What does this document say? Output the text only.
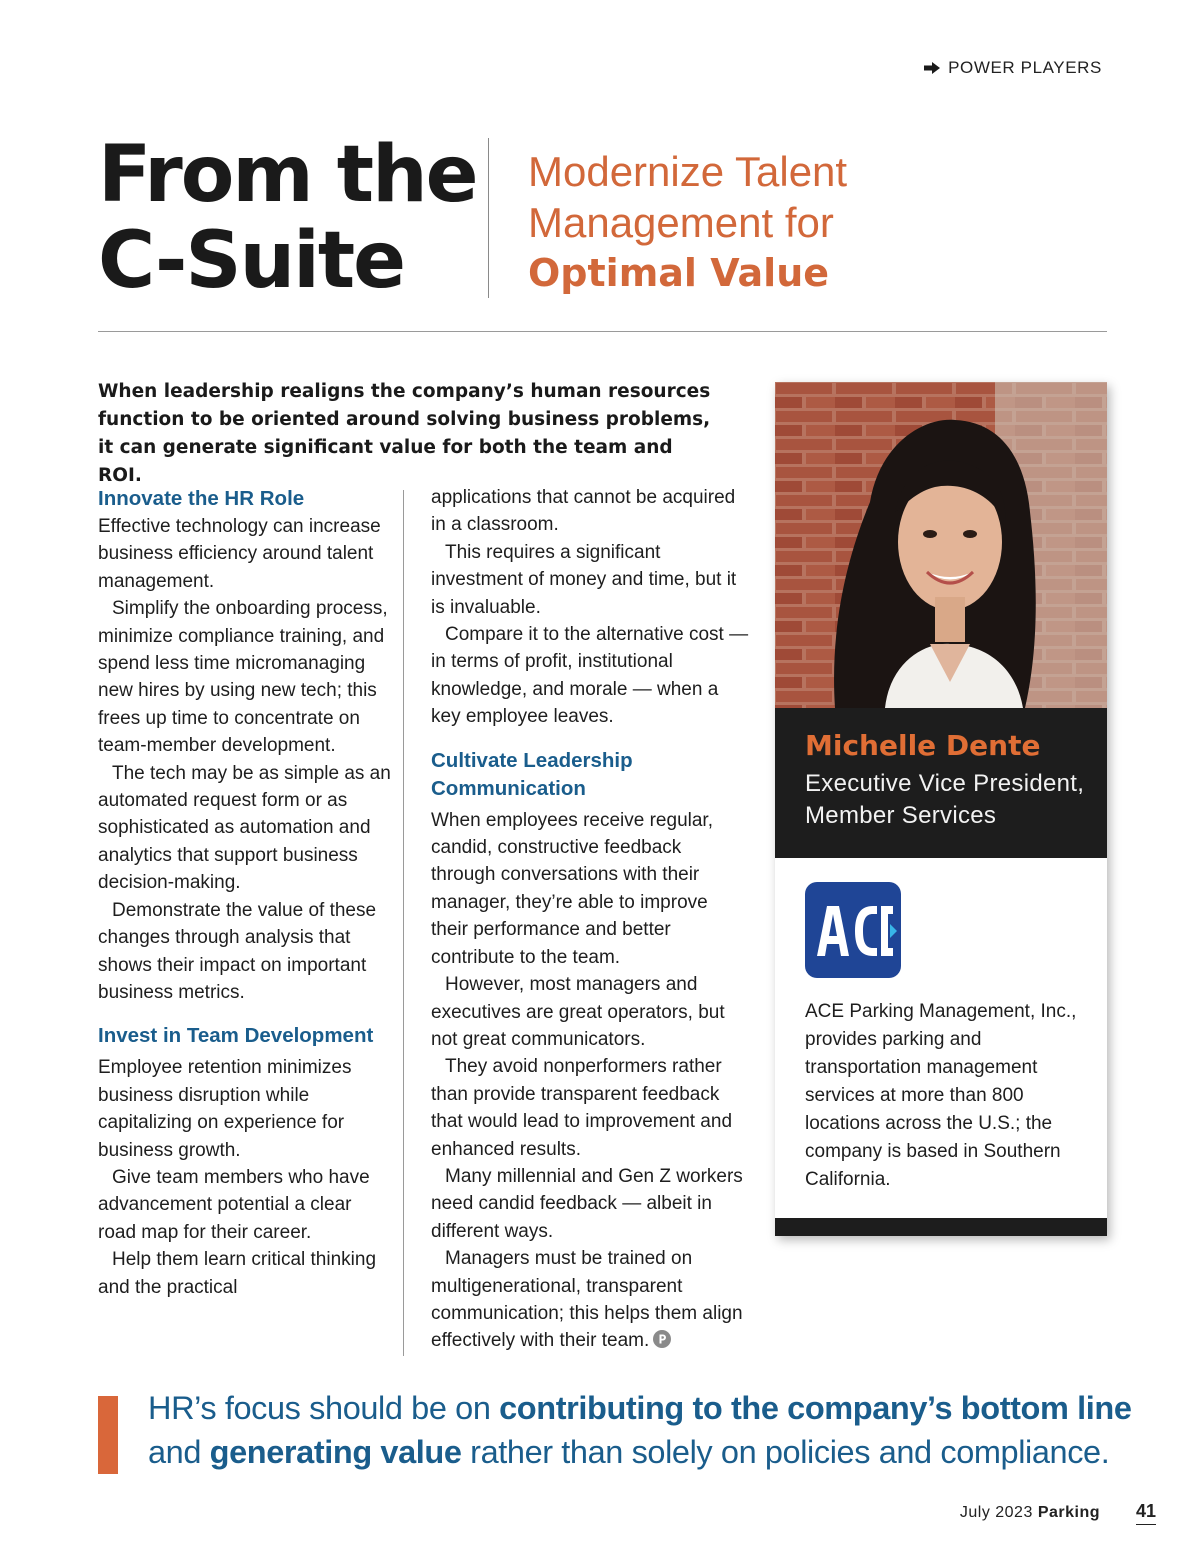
POWER PLAYERS
From the
C-Suite
Modernize Talent
Management for
Optimal Value
When leadership realigns the company’s human resources function to be oriented around solving business problems, it can generate significant value for both the team and ROI.
Innovate the HR Role

Effective technology can increase business efficiency around talent management.

Simplify the onboarding process, minimize compliance training, and spend less time micromanaging new hires by using new tech; this frees up time to concentrate on team-member development.

The tech may be as simple as an automated request form or as sophisticated as automation and analytics that support business decision-making.

Demonstrate the value of these changes through analysis that shows their impact on important business metrics.

Invest in Team Development

Employee retention minimizes business disruption while capitalizing on experience for business growth.

Give team members who have advancement potential a clear road map for their career.

Help them learn critical thinking and the practical

applications that cannot be acquired in a classroom.

This requires a significant investment of money and time, but it is invaluable.

Compare it to the alternative cost — in terms of profit, institutional knowledge, and morale — when a key employee leaves.

Cultivate Leadership Communication

When employees receive regular, candid, constructive feedback through conversations with their manager, they’re able to improve their performance and better contribute to the team.

However, most managers and executives are great operators, but not great communicators.

They avoid nonperformers rather than provide transparent feedback that would lead to improvement and enhanced results.

Many millennial and Gen Z workers need candid feedback — albeit in different ways.

Managers must be trained on multigenerational, transparent communication; this helps them align effectively with their team.

Michelle Dente
Executive Vice President,
Member Services
ACE Parking Management, Inc., provides parking and transportation management services at more than 800 locations across the U.S.; the company is based in Southern California.
HR’s focus should be on contributing to the company’s bottom line and generating value rather than solely on policies and compliance.
July 2023 Parking 41
